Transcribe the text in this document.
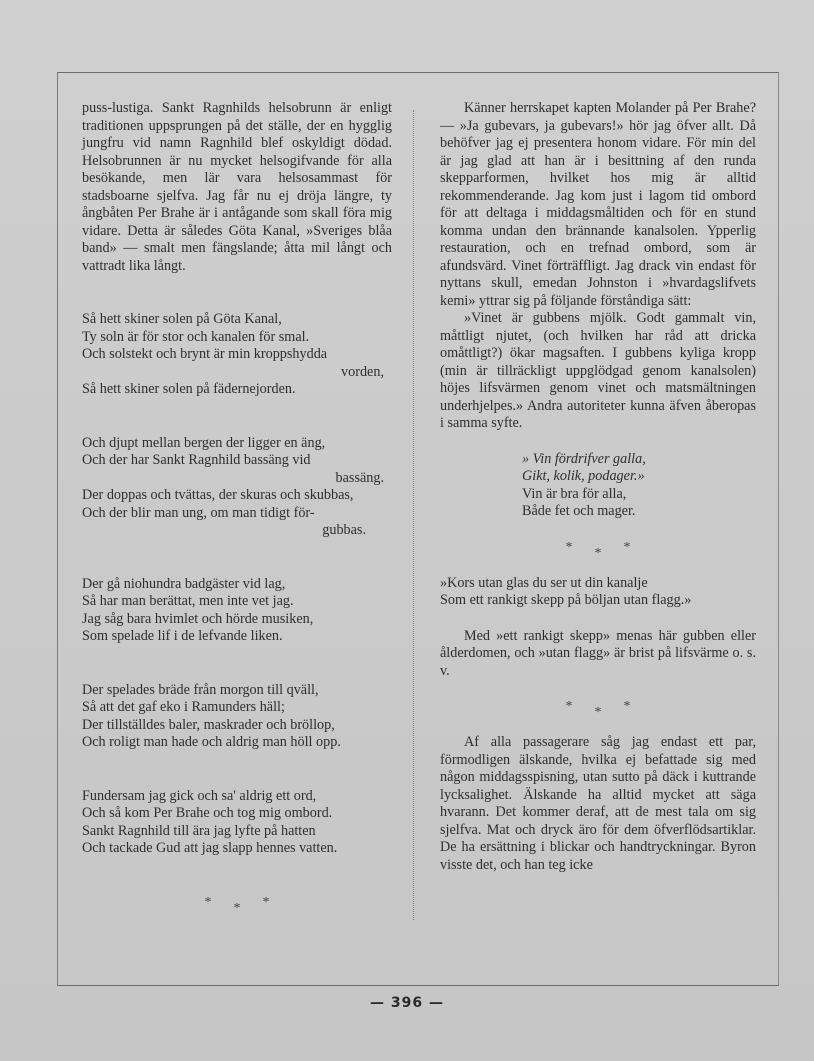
puss-lustiga. Sankt Ragnhilds helsobrunn är enligt traditionen uppsprungen på det ställe, der en hygglig jungfru vid namn Ragnhild blef oskyldigt dödad. Helsobrunnen är nu mycket helsogifvande för alla besökande, men lär vara helsosammast för stadsboarne sjelfva. Jag får nu ej dröja längre, ty ångbåten Per Brahe är i antågande som skall föra mig vidare. Detta är således Göta Kanal, »Sveriges blåa band» — smalt men fängslande; åtta mil långt och vattradt lika långt.

Så hett skiner solen på Göta Kanal,
Ty soln är för stor och kanalen för smal.
Och solstekt och brynt är min kroppshydda
vorden,
Så hett skiner solen på fädernejorden.
Och djupt mellan bergen der ligger en äng,
Och der har Sankt Ragnhild bassäng vid
bassäng.
Der doppas och tvättas, der skuras och skubbas,
Och der blir man ung, om man tidigt för-
gubbas.
Der gå niohundra badgäster vid lag,
Så har man berättat, men inte vet jag.
Jag såg bara hvimlet och hörde musiken,
Som spelade lif i de lefvande liken.
Der spelades bräde från morgon till qväll,
Så att det gaf eko i Ramunders häll;
Der tillställdes baler, maskrader och bröllop,
Och roligt man hade och aldrig man höll opp.
Fundersam jag gick och sa' aldrig ett ord,
Och så kom Per Brahe och tog mig ombord.
Sankt Ragnhild till ära jag lyfte på hatten
Och tackade Gud att jag slapp hennes vatten.
* * *

Känner herrskapet kapten Molander på Per Brahe? — »Ja gubevars, ja gubevars!» hör jag öfver allt. Då behöfver jag ej presentera honom vidare. För min del är jag glad att han är i besittning af den runda skepparformen, hvilket hos mig är alltid rekommenderande. Jag kom just i lagom tid ombord för att deltaga i middagsmåltiden och för en stund komma undan den brännande kanalsolen. Ypperlig restauration, och en trefnad ombord, som är afundsvärd. Vinet förträffligt. Jag drack vin endast för nyttans skull, emedan Johnston i »hvardagslifvets kemi» yttrar sig på följande förståndiga sätt:

»Vinet är gubbens mjölk. Godt gammalt vin, måttligt njutet, (och hvilken har råd att dricka omåttligt?) ökar magsaften. I gubbens kyliga kropp (min är tillräckligt uppglödgad genom kanalsolen) höjes lifsvärmen genom vinet och matsmältningen underhjelpes.» Andra autoriteter kunna äfven åberopas i samma syfte.

» Vin fördrifver galla,
Gikt, kolik, podager.»
Vin är bra för alla,
Både fet och mager.
* * *
»Kors utan glas du ser ut din kanalje
Som ett rankigt skepp på böljan utan flagg.»

Med »ett rankigt skepp» menas här gubben eller ålderdomen, och »utan flagg» är brist på lifsvärme o. s. v.

* * *

Af alla passagerare såg jag endast ett par, förmodligen älskande, hvilka ej befattade sig med någon middagsspisning, utan sutto på däck i kuttrande lycksalighet. Älskande ha alltid mycket att säga hvarann. Det kommer deraf, att de mest tala om sig sjelfva. Mat och dryck äro för dem öfverflödsartiklar. De ha ersättning i blickar och handtryckningar. Byron visste det, och han teg icke

— 396 —
